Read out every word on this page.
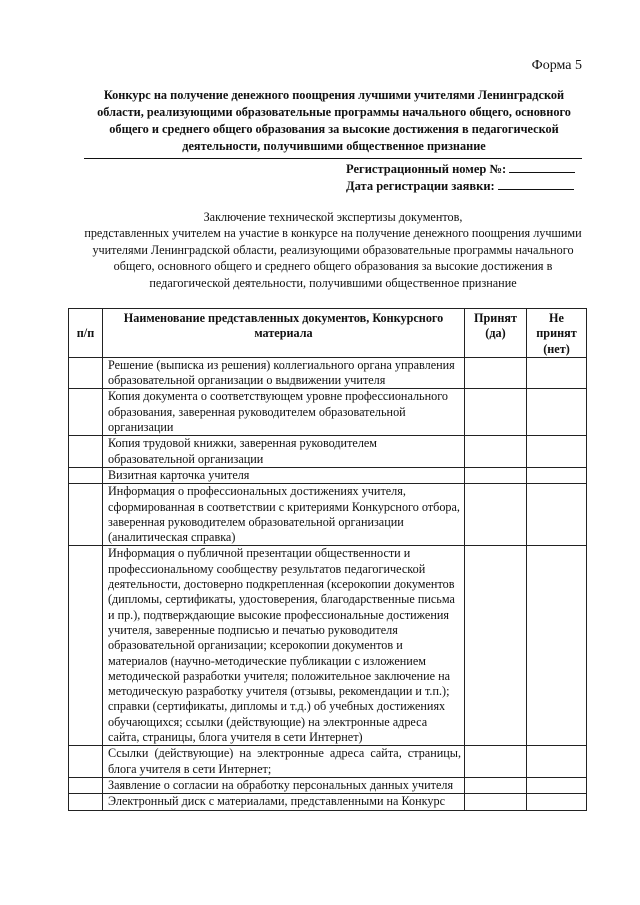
Форма 5
Конкурс на получение денежного поощрения лучшими учителями Ленинградской области, реализующими образовательные программы начального общего, основного общего и среднего общего образования за высокие достижения в педагогической деятельности, получившими общественное признание
Регистрационный номер №:
Дата регистрации заявки:
Заключение технической экспертизы документов,
представленных учителем на участие в конкурсе на получение денежного поощрения лучшими учителями Ленинградской области, реализующими образовательные программы начального общего, основного общего и среднего общего образования за высокие достижения в педагогической деятельности, получившими общественное признание
п/п	Наименование представленных документов, Конкурсного материала	Принят (да)	Не принят (нет)
	Решение (выписка из решения) коллегиального органа управления образовательной организации о выдвижении учителя		
	Копия документа о соответствующем уровне профессионального образования, заверенная руководителем образовательной организации		
	Копия трудовой книжки, заверенная руководителем образовательной организации		
	Визитная карточка учителя		
	Информация о профессиональных достижениях учителя, сформированная в соответствии с критериями Конкурсного отбора, заверенная руководителем образовательной организации (аналитическая справка)		
	Информация о публичной презентации общественности и профессиональному сообществу результатов педагогической деятельности, достоверно подкрепленная (ксерокопии документов (дипломы, сертификаты, удостоверения, благодарственные письма и пр.), подтверждающие высокие профессиональные достижения учителя, заверенные подписью и печатью руководителя образовательной организации; ксерокопии документов и материалов (научно-методические публикации с изложением методической разработки учителя; положительное заключение на методическую разработку учителя (отзывы, рекомендации и т.п.); справки (сертификаты, дипломы и т.д.) об учебных достижениях обучающихся; ссылки (действующие) на электронные адреса сайта, страницы, блога учителя в сети Интернет)		
	Ссылки (действующие) на электронные адреса сайта, страницы, блога учителя в сети Интернет;		
	Заявление о согласии на обработку персональных данных учителя		
	Электронный диск с материалами, представленными на Конкурс		
